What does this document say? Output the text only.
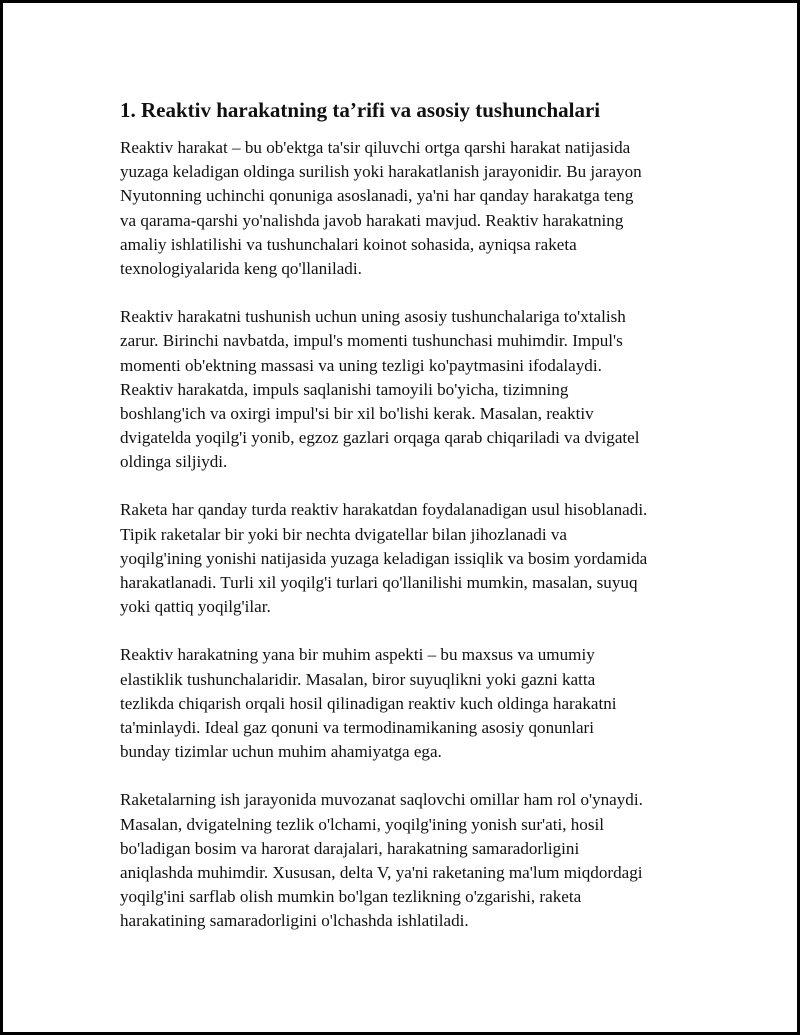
1. Reaktiv harakatning ta’rifi va asosiy tushunchalari
Reaktiv harakat – bu ob'ektga ta'sir qiluvchi ortga qarshi harakat natijasida
yuzaga keladigan oldinga surilish yoki harakatlanish jarayonidir. Bu jarayon
Nyutonning uchinchi qonuniga asoslanadi, ya'ni har qanday harakatga teng
va qarama-qarshi yo'nalishda javob harakati mavjud. Reaktiv harakatning
amaliy ishlatilishi va tushunchalari koinot sohasida, ayniqsa raketa
texnologiyalarida keng qo'llaniladi.
Reaktiv harakatni tushunish uchun uning asosiy tushunchalariga to'xtalish
zarur. Birinchi navbatda, impul's momenti tushunchasi muhimdir. Impul's
momenti ob'ektning massasi va uning tezligi ko'paytmasini ifodalaydi.
Reaktiv harakatda, impuls saqlanishi tamoyili bo'yicha, tizimning
boshlang'ich va oxirgi impul'si bir xil bo'lishi kerak. Masalan, reaktiv
dvigatelda yoqilg'i yonib, egzoz gazlari orqaga qarab chiqariladi va dvigatel
oldinga siljiydi.
Raketa har qanday turda reaktiv harakatdan foydalanadigan usul hisoblanadi.
Tipik raketalar bir yoki bir nechta dvigatellar bilan jihozlanadi va
yoqilg'ining yonishi natijasida yuzaga keladigan issiqlik va bosim yordamida
harakatlanadi. Turli xil yoqilg'i turlari qo'llanilishi mumkin, masalan, suyuq
yoki qattiq yoqilg'ilar.
Reaktiv harakatning yana bir muhim aspekti – bu maxsus va umumiy
elastiklik tushunchalaridir. Masalan, biror suyuqlikni yoki gazni katta
tezlikda chiqarish orqali hosil qilinadigan reaktiv kuch oldinga harakatni
ta'minlaydi. Ideal gaz qonuni va termodinamikaning asosiy qonunlari
bunday tizimlar uchun muhim ahamiyatga ega.
Raketalarning ish jarayonida muvozanat saqlovchi omillar ham rol o'ynaydi.
Masalan, dvigatelning tezlik o'lchami, yoqilg'ining yonish sur'ati, hosil
bo'ladigan bosim va harorat darajalari, harakatning samaradorligini
aniqlashda muhimdir. Xususan, delta V, ya'ni raketaning ma'lum miqdordagi
yoqilg'ini sarflab olish mumkin bo'lgan tezlikning o'zgarishi, raketa
harakatining samaradorligini o'lchashda ishlatiladi.
